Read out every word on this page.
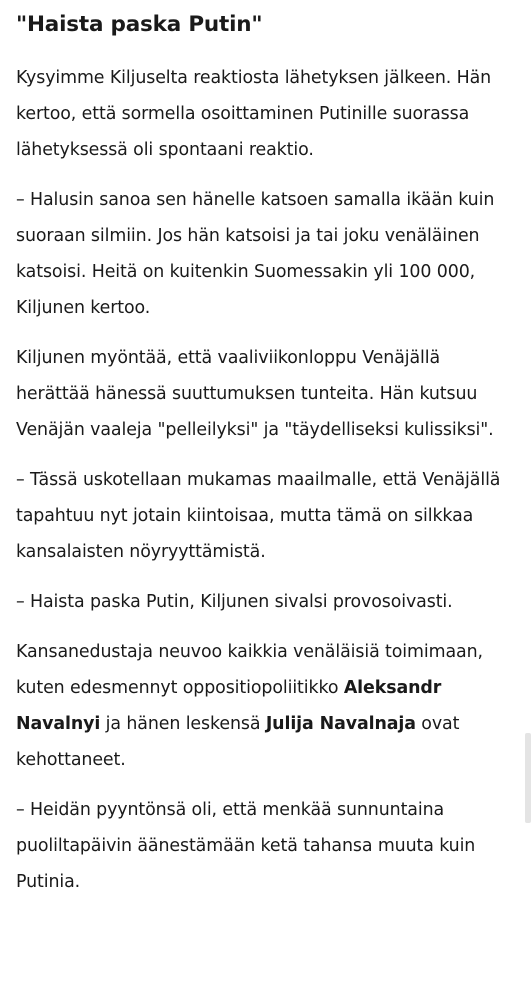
"Haista paska Putin"

Kysyimme Kiljuselta reaktiosta lähetyksen jälkeen. Hän kertoo, että sormella osoittaminen Putinille suorassa lähetyksessä oli spontaani reaktio.

– Halusin sanoa sen hänelle katsoen samalla ikään kuin suoraan silmiin. Jos hän katsoisi ja tai joku venäläinen katsoisi. Heitä on kuitenkin Suomessakin yli 100 000, Kiljunen kertoo.

Kiljunen myöntää, että vaaliviikonloppu Venäjällä herättää hänessä suuttumuksen tunteita. Hän kutsuu Venäjän vaaleja "pelleilyksi" ja "täydelliseksi kulissiksi".

– Tässä uskotellaan mukamas maailmalle, että Venäjällä tapahtuu nyt jotain kiintoisaa, mutta tämä on silkkaa kansalaisten nöyryyttämistä.

– Haista paska Putin, Kiljunen sivalsi provosoivasti.

Kansanedustaja neuvoo kaikkia venäläisiä toimimaan, kuten edesmennyt oppositiopoliitikko Aleksandr Navalnyi ja hänen leskensä Julija Navalnaja ovat kehottaneet.

– Heidän pyyntönsä oli, että menkää sunnuntaina puoliltapäivin äänestämään ketä tahansa muuta kuin Putinia.
